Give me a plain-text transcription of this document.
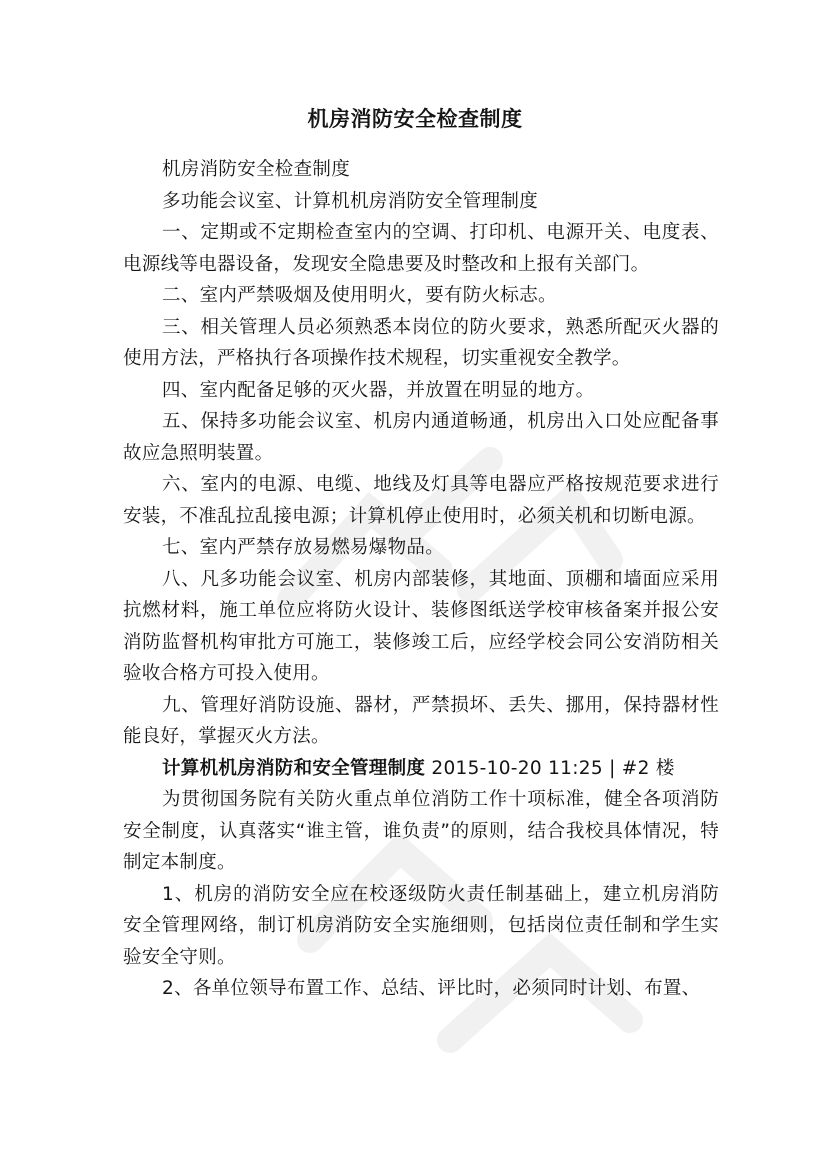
机房消防安全检查制度

机房消防安全检查制度

多功能会议室、计算机机房消防安全管理制度

一、定期或不定期检查室内的空调、打印机、电源开关、电度表、电源线等电器设备，发现安全隐患要及时整改和上报有关部门。

二、室内严禁吸烟及使用明火，要有防火标志。

三、相关管理人员必须熟悉本岗位的防火要求，熟悉所配灭火器的使用方法，严格执行各项操作技术规程，切实重视安全教学。

四、室内配备足够的灭火器，并放置在明显的地方。

五、保持多功能会议室、机房内通道畅通，机房出入口处应配备事故应急照明装置。

六、室内的电源、电缆、地线及灯具等电器应严格按规范要求进行安装，不准乱拉乱接电源；计算机停止使用时，必须关机和切断电源。

七、室内严禁存放易燃易爆物品。

八、凡多功能会议室、机房内部装修，其地面、顶棚和墙面应采用抗燃材料，施工单位应将防火设计、装修图纸送学校审核备案并报公安消防监督机构审批方可施工，装修竣工后，应经学校会同公安消防相关验收合格方可投入使用。

九、管理好消防设施、器材，严禁损坏、丢失、挪用，保持器材性能良好，掌握灭火方法。

计算机机房消防和安全管理制度 2015-10-20 11:25 | #2 楼

为贯彻国务院有关防火重点单位消防工作十项标准，健全各项消防安全制度，认真落实“谁主管，谁负责”的原则，结合我校具体情况，特制定本制度。

1、机房的消防安全应在校逐级防火责任制基础上，建立机房消防安全管理网络，制订机房消防安全实施细则，包括岗位责任制和学生实验安全守则。

2、各单位领导布置工作、总结、评比时，必须同时计划、布置、
